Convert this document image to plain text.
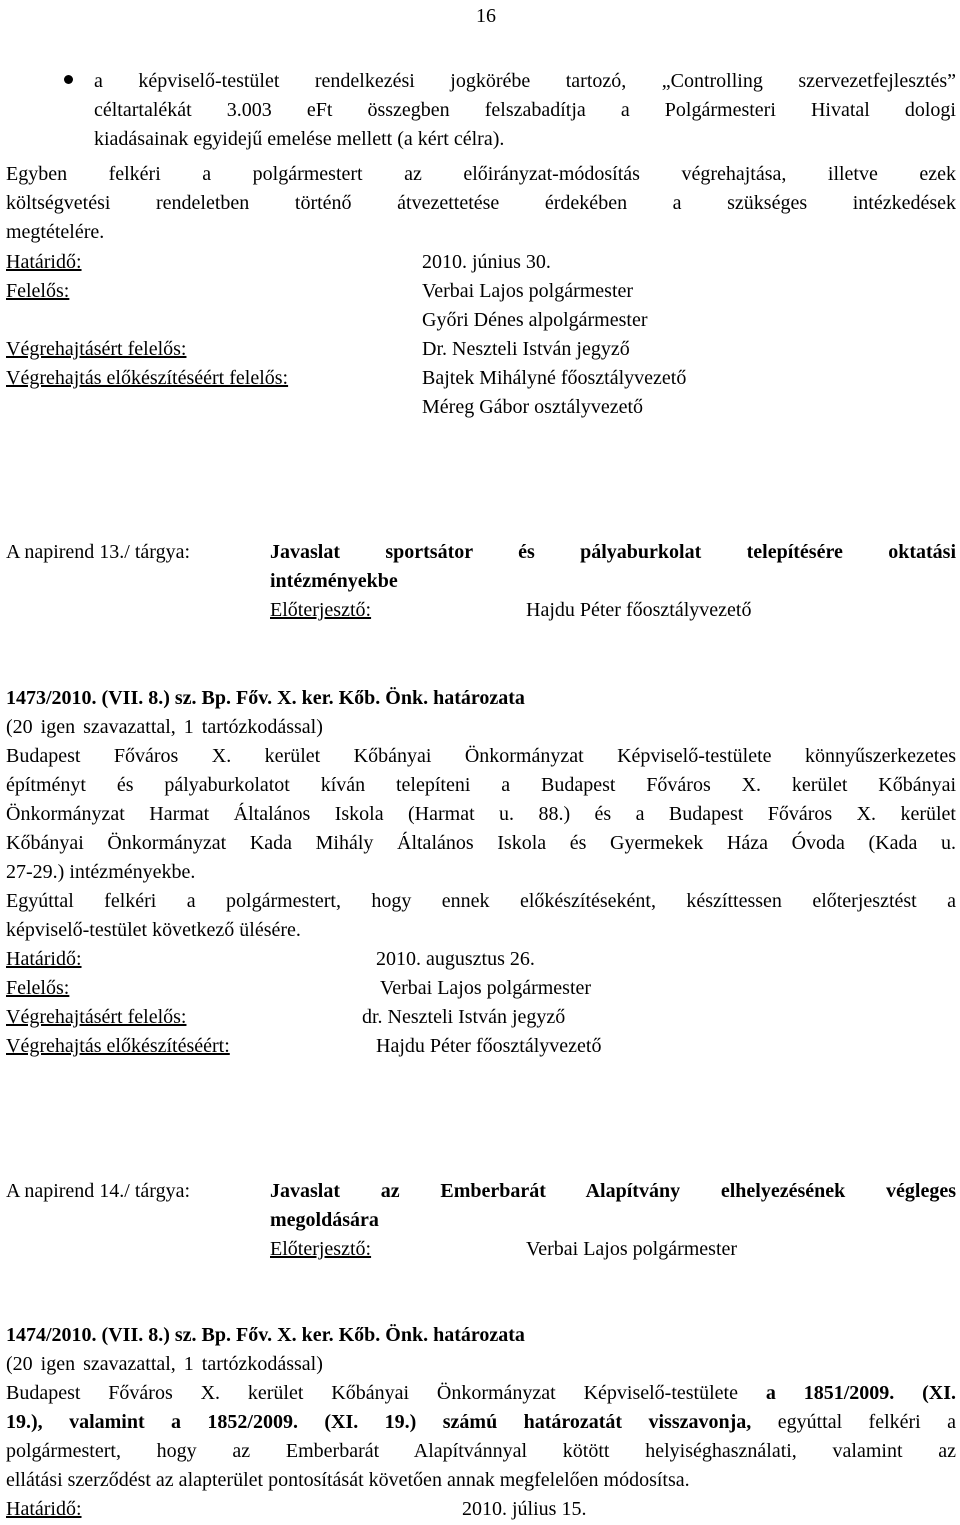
16
a képviselő-testület rendelkezési jogkörébe tartozó, „Controlling szervezetfejlesztés”
céltartalékát 3.003 eFt összegben felszabadítja a Polgármesteri Hivatal dologi
kiadásainak egyidejű emelése mellett (a kért célra).
Egyben felkéri a polgármestert az előirányzat-módosítás végrehajtása, illetve ezek
költségvetési rendeletben történő átvezettetése érdekében a szükséges intézkedések
megtételére.
Határidő:	2010. június 30.
Felelős:	Verbai Lajos polgármester
Győri Dénes alpolgármester
Végrehajtásért felelős:	Dr. Neszteli István jegyző
Végrehajtás előkészítéséért felelős:	Bajtek Mihályné főosztályvezető
Méreg Gábor osztályvezető
A napirend 13./ tárgya:	Javaslat sportsátor és pályaburkolat telepítésére oktatási
intézményekbe
Előterjesztő:	Hajdu Péter főosztályvezető
1473/2010. (VII. 8.) sz. Bp. Főv. X. ker. Kőb. Önk. határozata
(20 igen szavazattal, 1 tartózkodással)
Budapest Főváros X. kerület Kőbányai Önkormányzat Képviselő-testülete könnyűszerkezetes
építményt és pályaburkolatot kíván telepíteni a Budapest Főváros X. kerület Kőbányai
Önkormányzat Harmat Általános Iskola (Harmat u. 88.) és a Budapest Főváros X. kerület
Kőbányai Önkormányzat Kada Mihály Általános Iskola és Gyermekek Háza Óvoda (Kada u.
27-29.) intézményekbe.
Egyúttal felkéri a polgármestert, hogy ennek előkészítéseként, készíttessen előterjesztést a
képviselő-testület következő ülésére.
Határidő:	2010. augusztus 26.
Felelős:	Verbai Lajos polgármester
Végrehajtásért felelős:	dr. Neszteli István jegyző
Végrehajtás előkészítéséért:	Hajdu Péter főosztályvezető
A napirend 14./ tárgya:	Javaslat az Emberbarát Alapítvány elhelyezésének végleges
megoldására
Előterjesztő:	Verbai Lajos polgármester
1474/2010. (VII. 8.) sz. Bp. Főv. X. ker. Kőb. Önk. határozata
(20 igen szavazattal, 1 tartózkodással)
Budapest Főváros X. kerület Kőbányai Önkormányzat Képviselő-testülete a 1851/2009. (XI.
19.), valamint a 1852/2009. (XI. 19.) számú határozatát visszavonja, egyúttal felkéri a
polgármestert, hogy az Emberbarát Alapítvánnyal kötött helyiséghasználati, valamint az
ellátási szerződést az alapterület pontosítását követően annak megfelelően módosítsa.
Határidő:	2010. július 15.
